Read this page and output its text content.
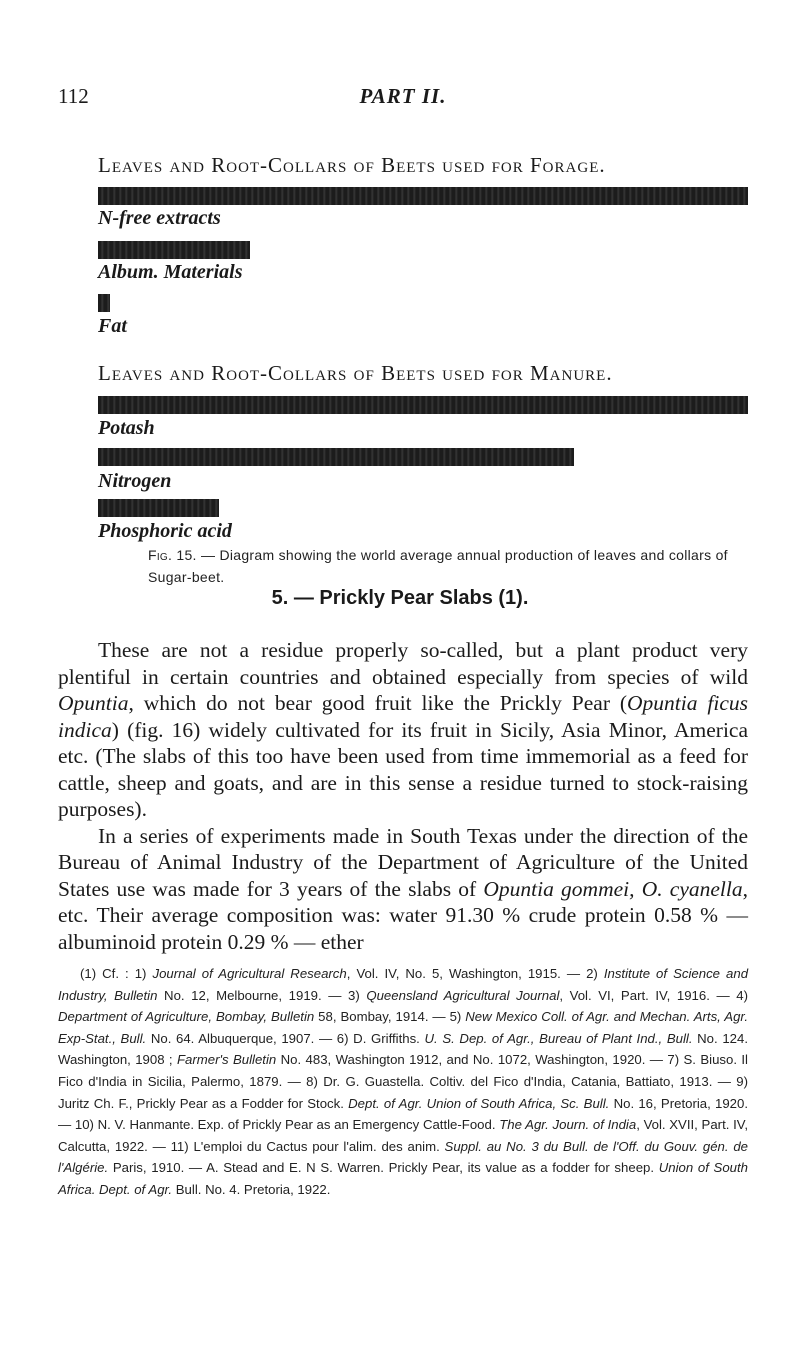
112	PART II.
Leaves and Root-Collars of Beets used for Forage.
N-free extracts
Album. Materials
Fat
Leaves and Root-Collars of Beets used for Manure.
Potash
Nitrogen
Phosphoric acid
Fig. 15. — Diagram showing the world average annual production of leaves and collars of Sugar-beet.
5. — Prickly Pear Slabs (1).

These are not a residue properly so-called, but a plant product very plentiful in certain countries and obtained especially from species of wild Opuntia, which do not bear good fruit like the Prickly Pear (Opuntia ficus indica) (fig. 16) widely cultivated for its fruit in Sicily, Asia Minor, America etc. (The slabs of this too have been used from time immemorial as a feed for cattle, sheep and goats, and are in this sense a residue turned to stock-raising purposes).

In a series of experiments made in South Texas under the direction of the Bureau of Animal Industry of the Department of Agriculture of the United States use was made for 3 years of the slabs of Opuntia gommei, O. cyanella, etc. Their average composition was: water 91.30 % crude protein 0.58 % — albuminoid protein 0.29 % — ether

(1) Cf. : 1) Journal of Agricultural Research, Vol. IV, No. 5, Washington, 1915. — 2) Institute of Science and Industry, Bulletin No. 12, Melbourne, 1919. — 3) Queensland Agricultural Journal, Vol. VI, Part. IV, 1916. — 4) Department of Agriculture, Bombay, Bulletin 58, Bombay, 1914. — 5) New Mexico Coll. of Agr. and Mechan. Arts, Agr. Exp-Stat., Bull. No. 64. Albuquerque, 1907. — 6) D. Griffiths. U. S. Dep. of Agr., Bureau of Plant Ind., Bull. No. 124. Washington, 1908 ; Farmer's Bulletin No. 483, Washington 1912, and No. 1072, Washington, 1920. — 7) S. Biuso. Il Fico d'India in Sicilia, Palermo, 1879. — 8) Dr. G. Guastella. Coltiv. del Fico d'India, Catania, Battiato, 1913. — 9) Juritz Ch. F., Prickly Pear as a Fodder for Stock. Dept. of Agr. Union of South Africa, Sc. Bull. No. 16, Pretoria, 1920. — 10) N. V. Hanmante. Exp. of Prickly Pear as an Emergency Cattle-Food. The Agr. Journ. of India, Vol. XVII, Part. IV, Calcutta, 1922. — 11) L'emploi du Cactus pour l'alim. des anim. Suppl. au No. 3 du Bull. de l'Off. du Gouv. gén. de l'Algérie. Paris, 1910. — A. Stead and E. N S. Warren. Prickly Pear, its value as a fodder for sheep. Union of South Africa. Dept. of Agr. Bull. No. 4. Pretoria, 1922.
